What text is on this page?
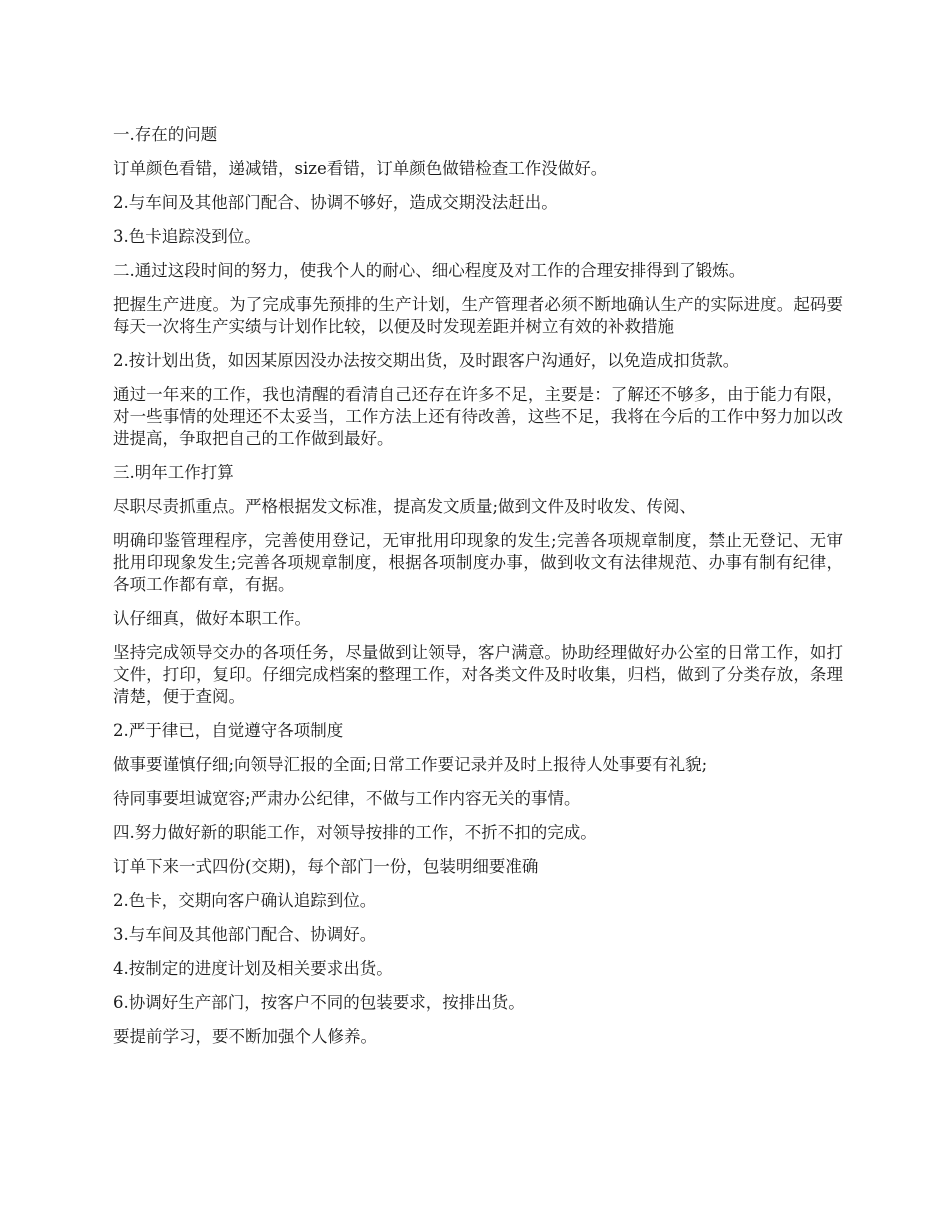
一.存在的问题

订单颜色看错，递减错，size看错，订单颜色做错检查工作没做好。

2.与车间及其他部门配合、协调不够好，造成交期没法赶出。

3.色卡追踪没到位。

二.通过这段时间的努力，使我个人的耐心、细心程度及对工作的合理安排得到了锻炼。

把握生产进度。为了完成事先预排的生产计划，生产管理者必须不断地确认生产的实际进度。起码要每天一次将生产实绩与计划作比较，以便及时发现差距并树立有效的补救措施

2.按计划出货，如因某原因没办法按交期出货，及时跟客户沟通好，以免造成扣货款。

通过一年来的工作，我也清醒的看清自己还存在许多不足，主要是：了解还不够多，由于能力有限，对一些事情的处理还不太妥当，工作方法上还有待改善，这些不足，我将在今后的工作中努力加以改进提高，争取把自己的工作做到最好。

三.明年工作打算

尽职尽责抓重点。严格根据发文标准，提高发文质量;做到文件及时收发、传阅、

明确印鉴管理程序，完善使用登记，无审批用印现象的发生;完善各项规章制度，禁止无登记、无审批用印现象发生;完善各项规章制度，根据各项制度办事，做到收文有法律规范、办事有制有纪律，各项工作都有章，有据。

认仔细真，做好本职工作。

坚持完成领导交办的各项任务，尽量做到让领导，客户满意。协助经理做好办公室的日常工作，如打文件，打印，复印。仔细完成档案的整理工作，对各类文件及时收集，归档，做到了分类存放，条理清楚，便于查阅。

2.严于律已，自觉遵守各项制度

做事要谨慎仔细;向领导汇报的全面;日常工作要记录并及时上报待人处事要有礼貌;

待同事要坦诚宽容;严肃办公纪律，不做与工作内容无关的事情。

四.努力做好新的职能工作，对领导按排的工作，不折不扣的完成。

订单下来一式四份(交期)，每个部门一份，包装明细要准确

2.色卡，交期向客户确认追踪到位。

3.与车间及其他部门配合、协调好。

4.按制定的进度计划及相关要求出货。

6.协调好生产部门，按客户不同的包装要求，按排出货。

要提前学习，要不断加强个人修养。
